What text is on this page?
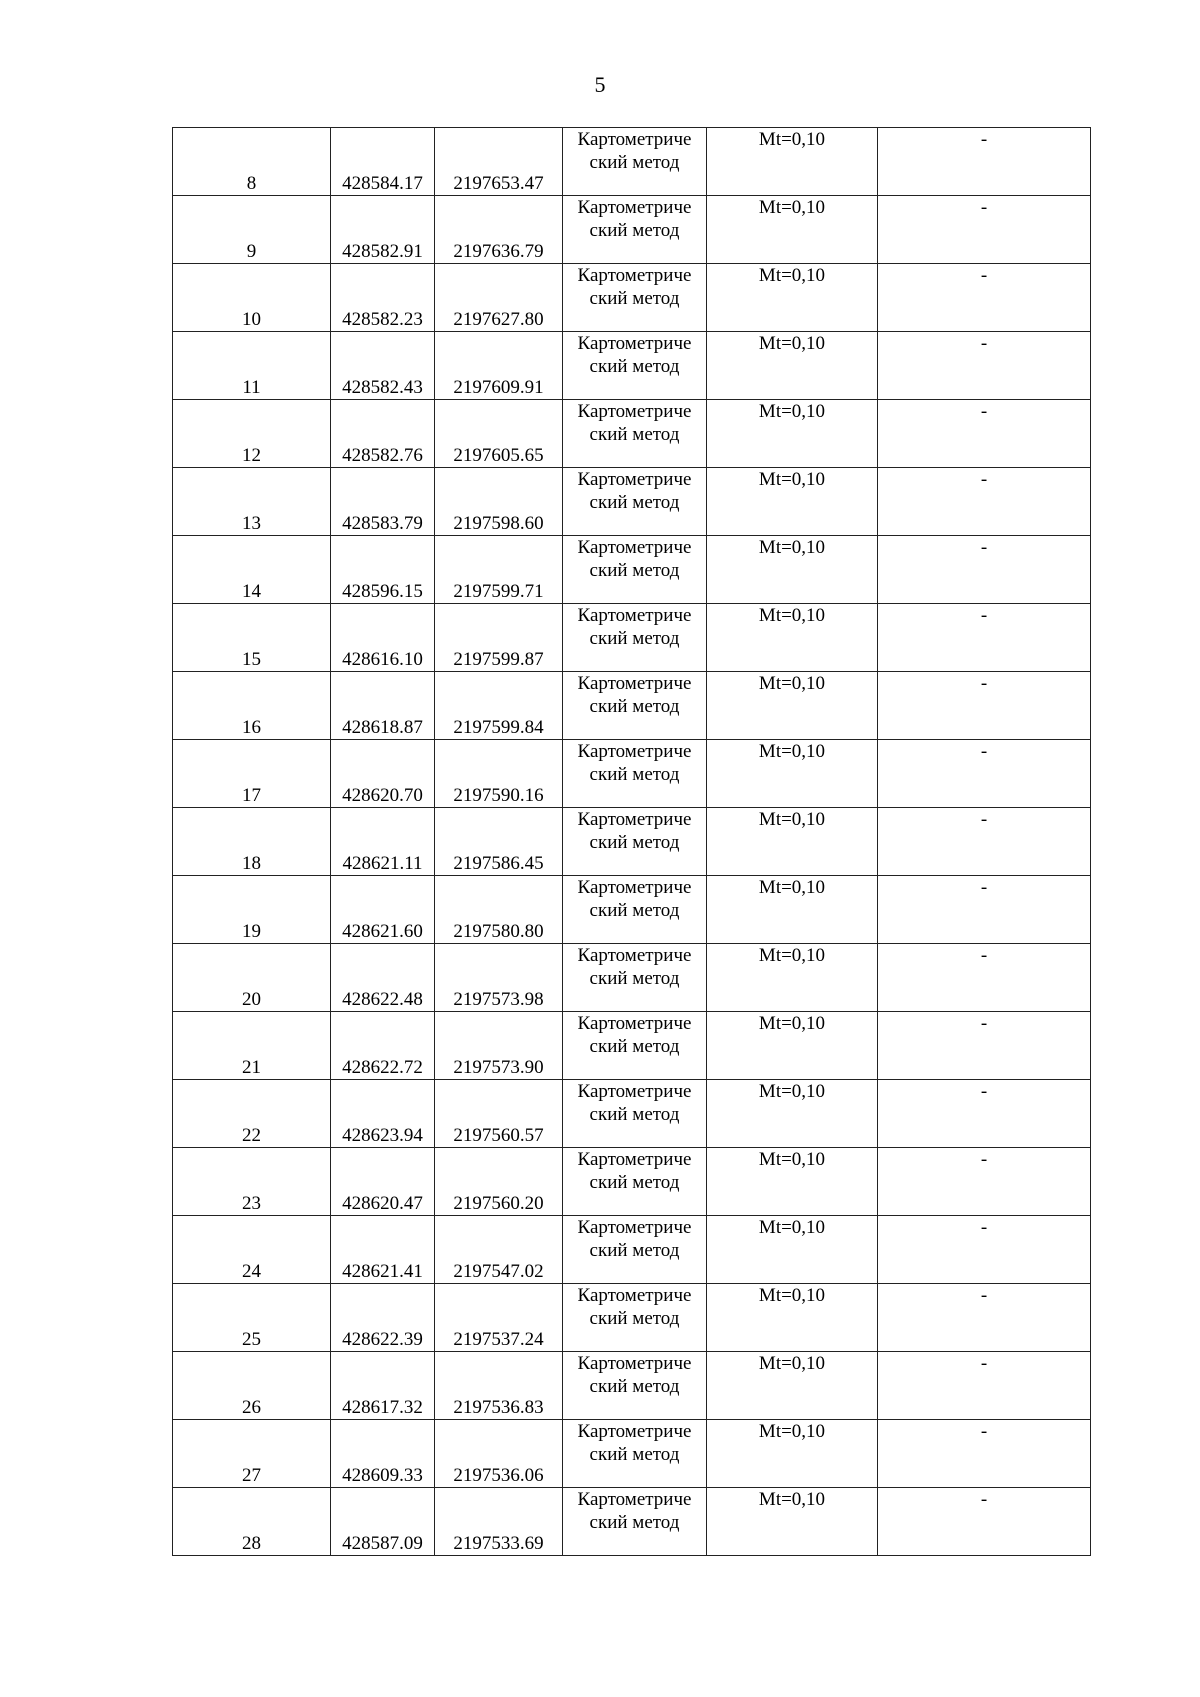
5
8	428584.17	2197653.47	Картометриче
ский метод	Mt=0,10	-
9	428582.91	2197636.79	Картометриче
ский метод	Mt=0,10	-
10	428582.23	2197627.80	Картометриче
ский метод	Mt=0,10	-
11	428582.43	2197609.91	Картометриче
ский метод	Mt=0,10	-
12	428582.76	2197605.65	Картометриче
ский метод	Mt=0,10	-
13	428583.79	2197598.60	Картометриче
ский метод	Mt=0,10	-
14	428596.15	2197599.71	Картометриче
ский метод	Mt=0,10	-
15	428616.10	2197599.87	Картометриче
ский метод	Mt=0,10	-
16	428618.87	2197599.84	Картометриче
ский метод	Mt=0,10	-
17	428620.70	2197590.16	Картометриче
ский метод	Mt=0,10	-
18	428621.11	2197586.45	Картометриче
ский метод	Mt=0,10	-
19	428621.60	2197580.80	Картометриче
ский метод	Mt=0,10	-
20	428622.48	2197573.98	Картометриче
ский метод	Mt=0,10	-
21	428622.72	2197573.90	Картометриче
ский метод	Mt=0,10	-
22	428623.94	2197560.57	Картометриче
ский метод	Mt=0,10	-
23	428620.47	2197560.20	Картометриче
ский метод	Mt=0,10	-
24	428621.41	2197547.02	Картометриче
ский метод	Mt=0,10	-
25	428622.39	2197537.24	Картометриче
ский метод	Mt=0,10	-
26	428617.32	2197536.83	Картометриче
ский метод	Mt=0,10	-
27	428609.33	2197536.06	Картометриче
ский метод	Mt=0,10	-
28	428587.09	2197533.69	Картометриче
ский метод	Mt=0,10	-
